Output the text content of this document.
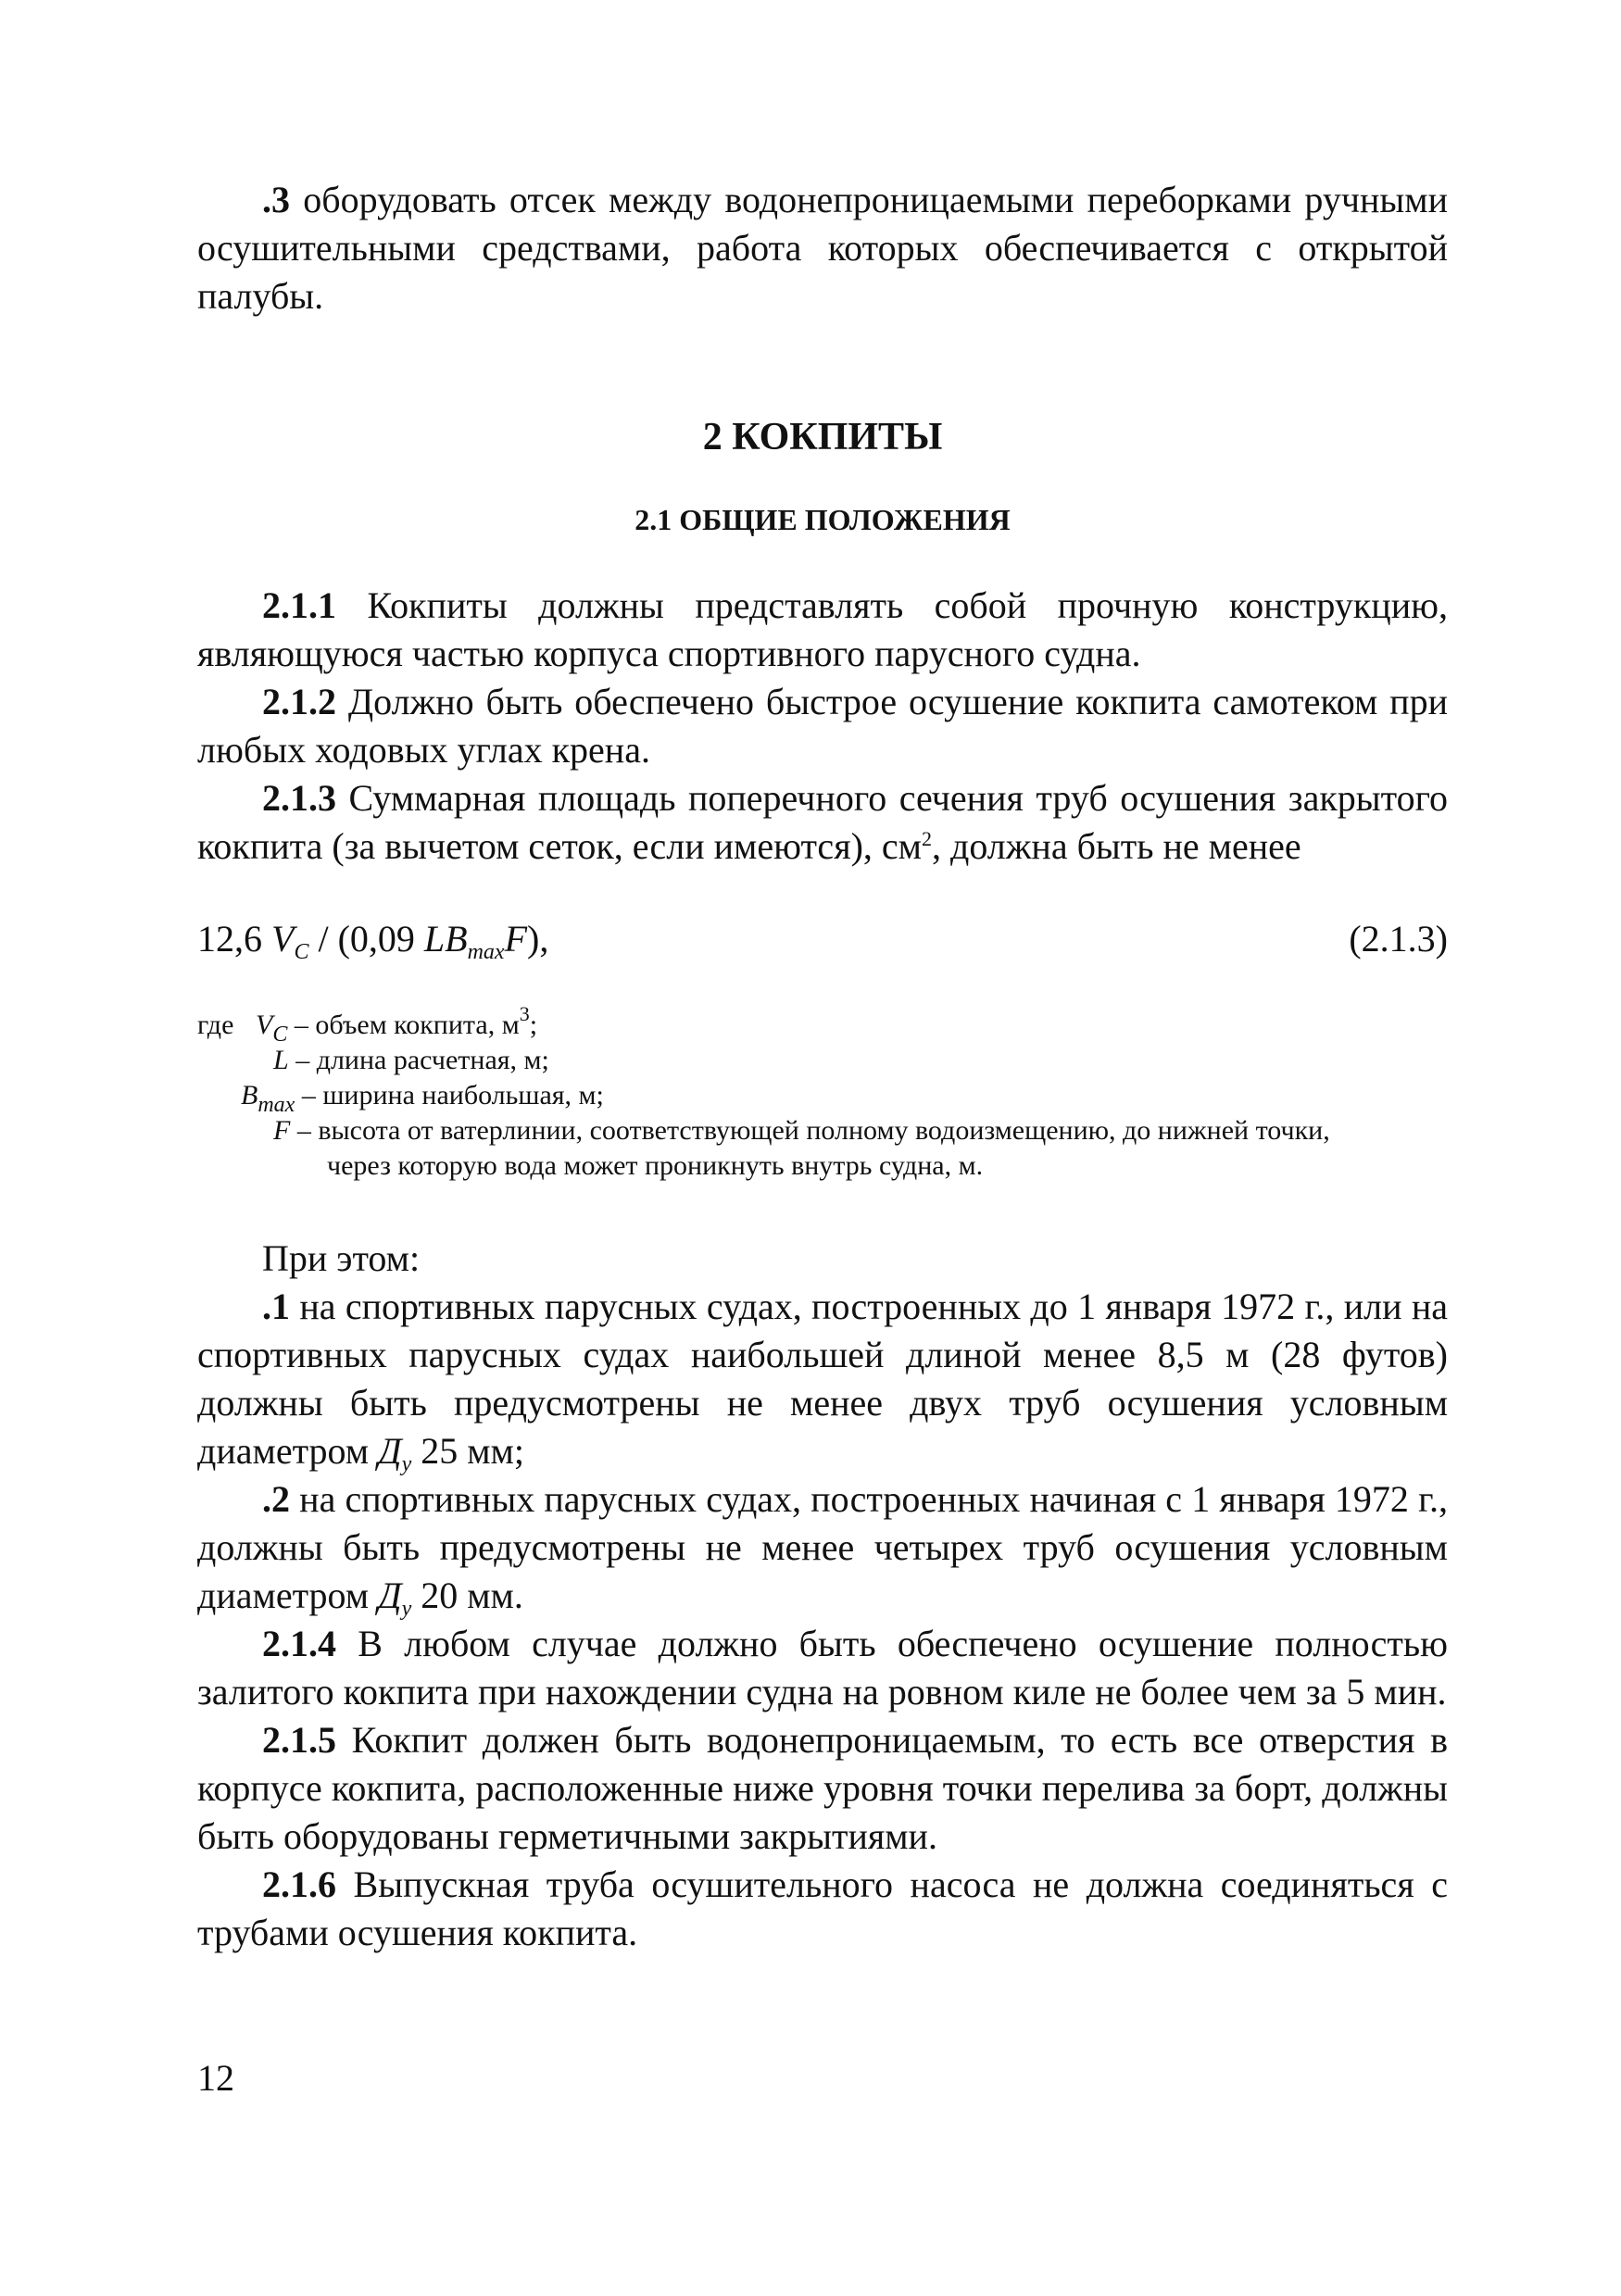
.3 оборудовать отсек между водонепроницаемыми переборками ручными осушительными средствами, работа которых обеспечивается с открытой палубы.

2 КОКПИТЫ
2.1 ОБЩИЕ ПОЛОЖЕНИЯ

2.1.1 Кокпиты должны представлять собой прочную конструкцию, являющуюся частью корпуса спортивного парусного судна.

2.1.2 Должно быть обеспечено быстрое осушение кокпита самотеком при любых ходовых углах крена.

2.1.3 Суммарная площадь поперечного сечения труб осушения закрытого кокпита (за вычетом сеток, если имеются), $см^2$, должна быть не менее

12,6 $V_C / (0,09$ $LB_{max}F$),	(2.1.3)
где $V_C$ – объем кокпита, $м^3$;
L – длина расчетная, м;
$B_{max}$ – ширина наибольшая, м;
F – высота от ватерлинии, соответствующей полному водоизмещению, до нижней точки,
через которую вода может проникнуть внутрь судна, м.

При этом:

.1 на спортивных парусных судах, построенных до 1 января 1972 г., или на спортивных парусных судах наибольшей длиной менее 8,5 м (28 футов) должны быть предусмотрены не менее двух труб осушения условным диаметром $Д_у$ 25 мм;

.2 на спортивных парусных судах, построенных начиная с 1 января 1972 г., должны быть предусмотрены не менее четырех труб осушения условным диаметром $Д_у$ 20 мм.

2.1.4 В любом случае должно быть обеспечено осушение полностью залитого кокпита при нахождении судна на ровном киле не более чем за 5 мин.

2.1.5 Кокпит должен быть водонепроницаемым, то есть все отверстия в корпусе кокпита, расположенные ниже уровня точки перелива за борт, должны быть оборудованы герметичными закрытиями.

2.1.6 Выпускная труба осушительного насоса не должна соединяться с трубами осушения кокпита.

12
